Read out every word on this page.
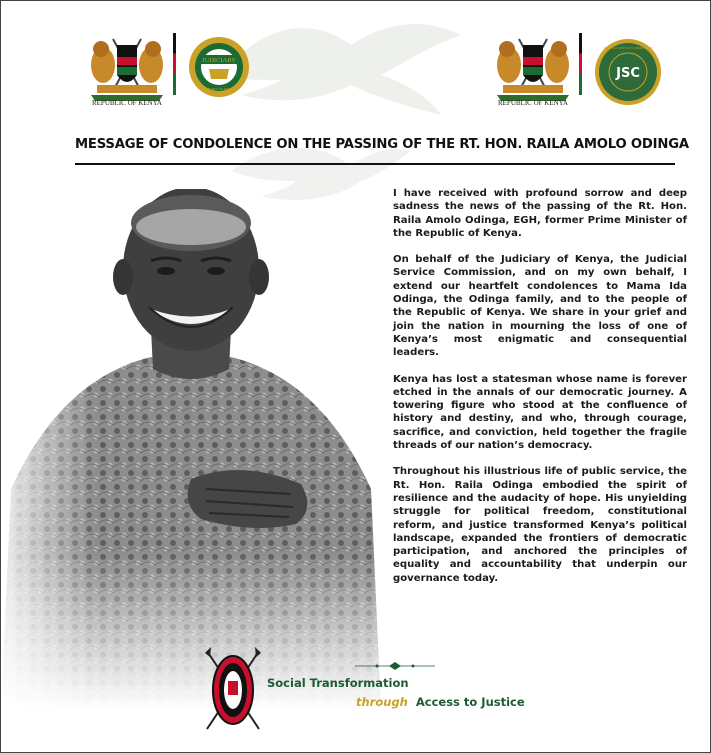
REPUBLIC OF KENYA
JUDICIARY
REPUBLIC OF KENYA
REPUBLIC OF KENYA
JSC
JUDICIAL SERVICE COMMISSION
MESSAGE OF CONDOLENCE ON THE PASSING OF THE RT. HON. RAILA AMOLO ODINGA

I have received with profound sorrow and deep sadness the news of the passing of the Rt. Hon. Raila Amolo Odinga, EGH, former Prime Minister of the Republic of Kenya.

On behalf of the Judiciary of Kenya, the Judicial Service Commission, and on my own behalf, I extend our heartfelt condolences to Mama Ida Odinga, the Odinga family, and to the people of the Republic of Kenya. We share in your grief and join the nation in mourning the loss of one of Kenya’s most enigmatic and consequential leaders.

Kenya has lost a statesman whose name is forever etched in the annals of our democratic journey. A towering figure who stood at the confluence of history and destiny, and who, through courage, sacrifice, and conviction, held together the fragile threads of our nation’s democracy.

Throughout his illustrious life of public service, the Rt. Hon. Raila Odinga embodied the spirit of resilience and the audacity of hope. His unyielding struggle for political freedom, constitutional reform, and justice transformed Kenya’s political landscape, expanded the frontiers of democratic participation, and anchored the principles of equality and accountability that underpin our governance today.

Social Transformation
through Access to Justice
